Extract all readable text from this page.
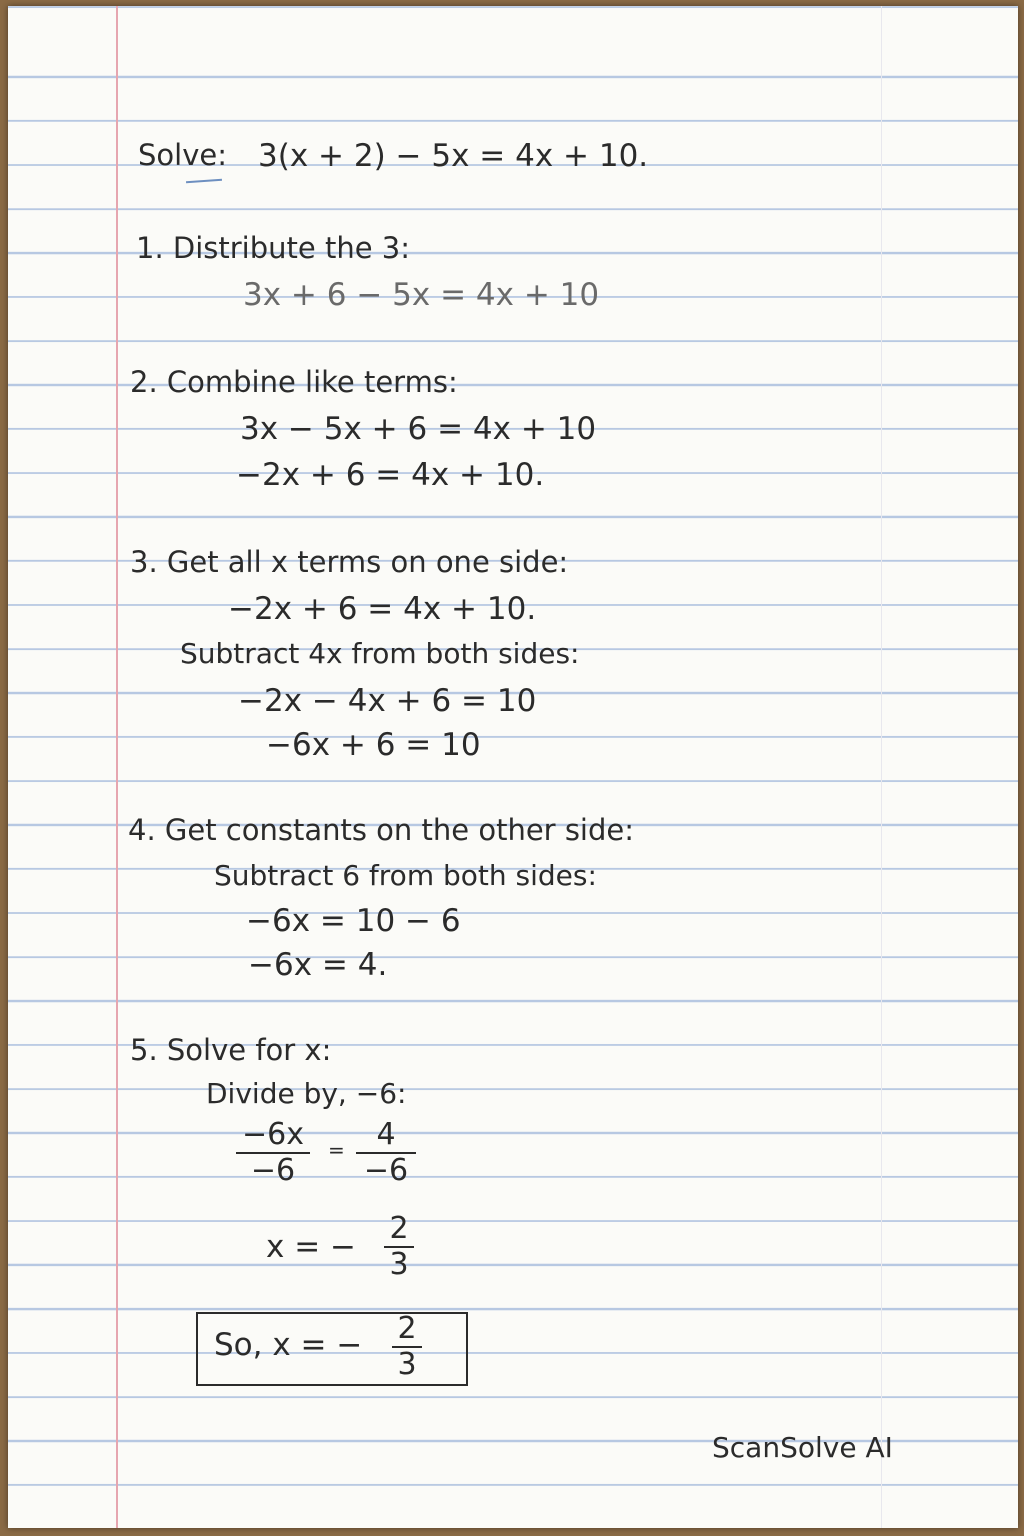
Solve: 3(x + 2) − 5x = 4x + 10.
1. Distribute the 3:
3x + 6 − 5x = 4x + 10
2. Combine like terms:
3x − 5x + 6 = 4x + 10
−2x + 6 = 4x + 10.
3. Get all x terms on one side:
−2x + 6 = 4x + 10.
Subtract 4x from both sides:
−2x − 4x + 6 = 10
−6x + 6 = 10
4. Get constants on the other side:
Subtract 6 from both sides:
−6x = 10 − 6
−6x = 4.
5. Solve for x:
Divide by, −6:
−6x
−6
=	4
−6
x = −
2
3
So, x = − 2
3
ScanSolve AI
